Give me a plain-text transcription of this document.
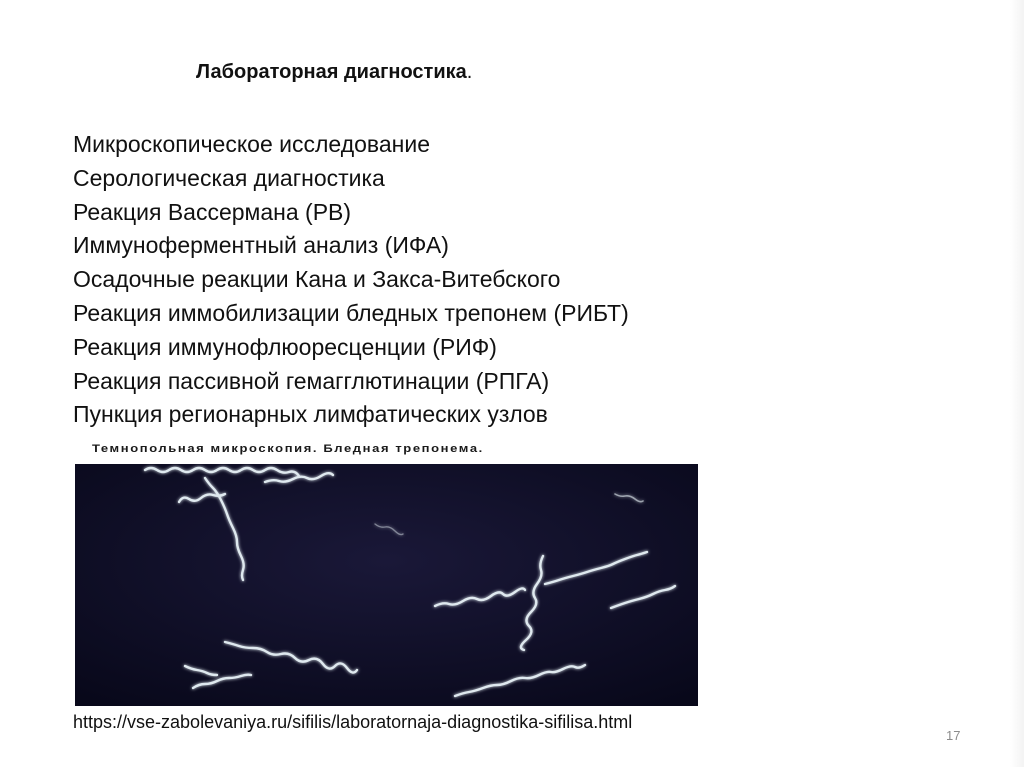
Лабораторная диагностика.
Микроскопическое исследование
Серологическая диагностика
Реакция Вассермана (РВ)
Иммуноферментный анализ (ИФА)
Осадочные реакции Кана и Закса-Витебского
Реакция иммобилизации бледных трепонем (РИБТ)
Реакция иммунофлюоресценции (РИФ)
Реакция пассивной гемагглютинации (РПГА)
Пункция регионарных лимфатических узлов
Темнопольная микроскопия. Бледная трепонема.
https://vse-zabolevaniya.ru/sifilis/laboratornaja-diagnostika-sifilisa.html
17
